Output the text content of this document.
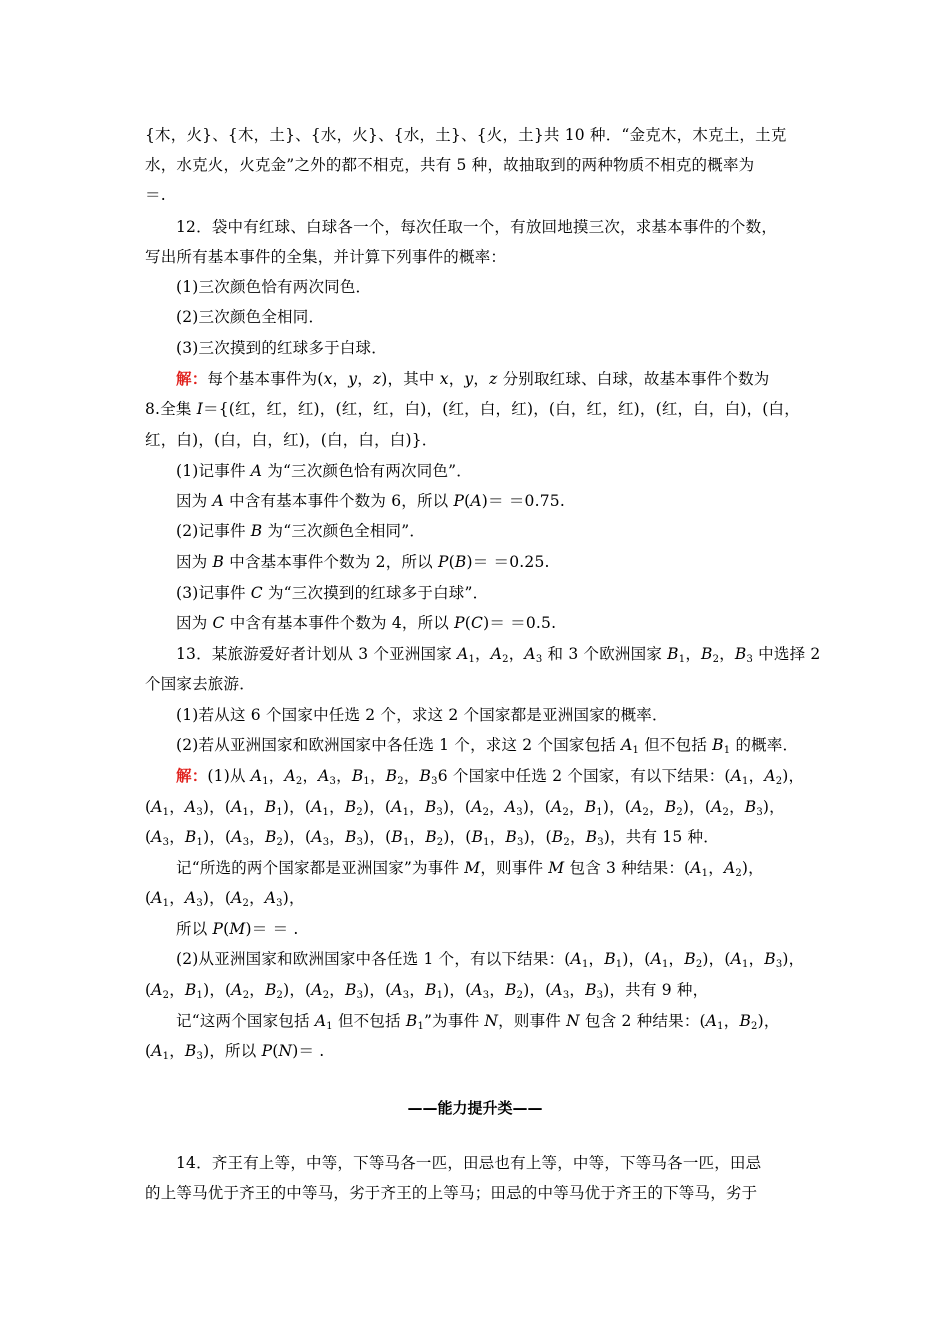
{木，火}、{木，土}、{水，火}、{水，土}、{火，土}共 10 种．“金克木，木克土，土克
水，水克火，火克金”之外的都不相克，共有 5 种，故抽取到的两种物质不相克的概率为
＝.
12．袋中有红球、白球各一个，每次任取一个，有放回地摸三次，求基本事件的个数，
写出所有基本事件的全集，并计算下列事件的概率：
(1)三次颜色恰有两次同色．
(2)三次颜色全相同．
(3)三次摸到的红球多于白球．
解：每个基本事件为(x，y，z)，其中 x，y，z 分别取红球、白球，故基本事件个数为
8.全集 I＝{(红，红，红)，(红，红，白)，(红，白，红)，(白，红，红)，(红，白，白)，(白，
红，白)，(白，白，红)，(白，白，白)}．
(1)记事件 A 为“三次颜色恰有两次同色”．
因为 A 中含有基本事件个数为 6，所以 P(A)＝ ＝0.75.
(2)记事件 B 为“三次颜色全相同”．
因为 B 中含基本事件个数为 2，所以 P(B)＝ ＝0.25.
(3)记事件 C 为“三次摸到的红球多于白球”．
因为 C 中含有基本事件个数为 4，所以 P(C)＝ ＝0.5.
13．某旅游爱好者计划从 3 个亚洲国家 $A_1$，$A_2$，$A_3$ 和 3 个欧洲国家 $B_1$，$B_2$，$B_3$ 中选择 2
个国家去旅游．
(1)若从这 6 个国家中任选 2 个，求这 2 个国家都是亚洲国家的概率．
(2)若从亚洲国家和欧洲国家中各任选 1 个，求这 2 个国家包括 $A_1$ 但不包括 $B_1$ 的概率．
解：(1)从 $A_1$，$A_2$，$A_3$，$B_1$，$B_2$，$B_36$ 个国家中任选 2 个国家，有以下结果：($A_1$，$A_2$)，
($A_1$，$A_3$)，($A_1$，$B_1$)，($A_1$，$B_2$)，($A_1$，$B_3$)，($A_2$，$A_3$)，($A_2$，$B_1$)，($A_2$，$B_2$)，($A_2$，$B_3$)，
($A_3$，$B_1$)，($A_3$，$B_2$)，($A_3$，$B_3$)，($B_1$，$B_2$)，($B_1$，$B_3$)，($B_2$，$B_3$)，共有 15 种．
记“所选的两个国家都是亚洲国家”为事件 M，则事件 M 包含 3 种结果：($A_1$，$A_2$)，
($A_1$，$A_3$)，($A_2$，$A_3$)，
所以 P(M)＝ ＝ .
(2)从亚洲国家和欧洲国家中各任选 1 个，有以下结果：($A_1$，$B_1$)，($A_1$，$B_2$)，($A_1$，$B_3$)，
($A_2$，$B_1$)，($A_2$，$B_2$)，($A_2$，$B_3$)，($A_3$，$B_1$)，($A_3$，$B_2$)，($A_3$，$B_3$)，共有 9 种，
记“这两个国家包括 $A_1$ 但不包括 $B_1$”为事件 N，则事件 N 包含 2 种结果：($A_1$，$B_2$)，
($A_1$，$B_3$)，所以 P(N)＝ .
——能力提升类——
14．齐王有上等，中等，下等马各一匹，田忌也有上等，中等，下等马各一匹，田忌
的上等马优于齐王的中等马，劣于齐王的上等马；田忌的中等马优于齐王的下等马，劣于
